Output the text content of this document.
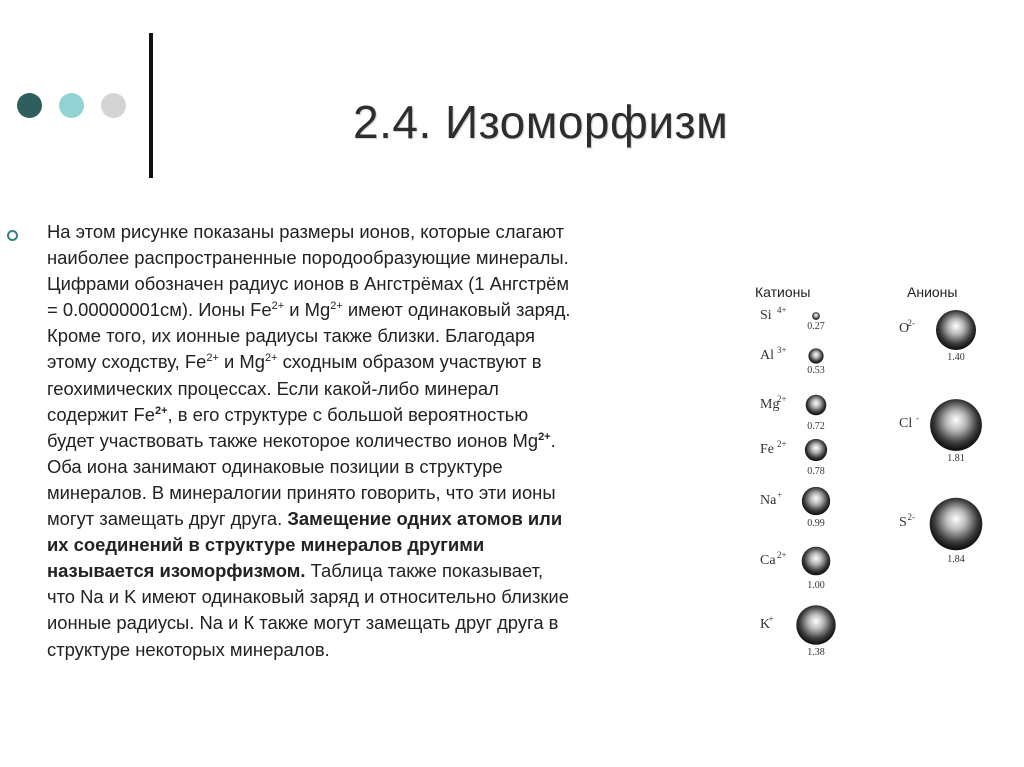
2.4. Изоморфизм
На этом рисунке показаны размеры ионов, которые слагают
наиболее распространенные породообразующие минералы.
Цифрами обозначен радиус ионов в Ангстрёмах (1 Ангстрём
= 0.00000001см). Ионы $Fe^{2+}$ и $Mg^{2+}$ имеют одинаковый заряд.
Кроме того, их ионные радиусы также близки. Благодаря
этому сходству, $Fe^{2+}$ и $Mg^{2+}$ сходным образом участвуют в
геохимических процессах. Если какой-либо минерал
содержит $Fe^{2+}$, в его структуре с большой вероятностью
будет участвовать также некоторое количество ионов $Mg^{2+}$.
Оба иона занимают одинаковые позиции в структуре
минералов. В минералогии принято говорить, что эти ионы
могут замещать друг друга. Замещение одних атомов или
их соединений в структуре минералов другими
называется изоморфизмом. Таблица также показывает,
что Na и K имеют одинаковый заряд и относительно близкие
ионные радиусы. Na и К также могут замещать друг друга в
структуре некоторых минералов.
Катионы	Анионы
Si 4+
0.27
Al 3+
0.53
Mg
2+
0.72
Fe 2+
0.78
Na +
0.99
Ca 2+
1.00
K
+
1.38
O
2-
1.40
Cl -
1.81
S 2-
1.84
